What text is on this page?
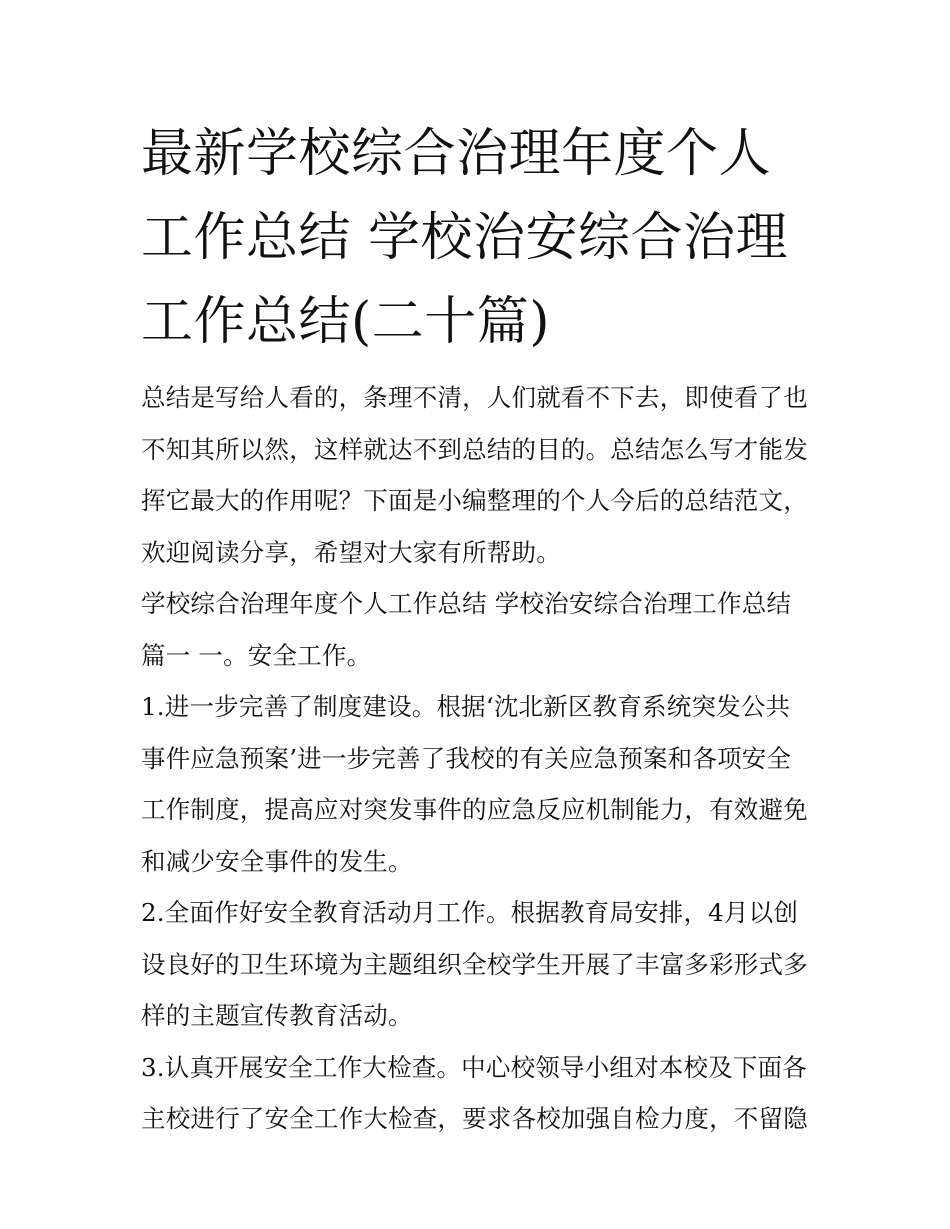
最新学校综合治理年度个人工作总结 学校治安综合治理工作总结(二十篇)

总结是写给人看的，条理不清，人们就看不下去，即使看了也不知其所以然，这样就达不到总结的目的。总结怎么写才能发挥它最大的作用呢？下面是小编整理的个人今后的总结范文，欢迎阅读分享，希望对大家有所帮助。

学校综合治理年度个人工作总结 学校治安综合治理工作总结篇一 一。安全工作。

1.进一步完善了制度建设。根据‘沈北新区教育系统突发公共事件应急预案’进一步完善了我校的有关应急预案和各项安全工作制度，提高应对突发事件的应急反应机制能力，有效避免和减少安全事件的发生。

2.全面作好安全教育活动月工作。根据教育局安排，4月以创设良好的卫生环境为主题组织全校学生开展了丰富多彩形式多样的主题宣传教育活动。

3.认真开展安全工作大检查。中心校领导小组对本校及下面各主校进行了安全工作大检查，要求各校加强自检力度，不留隐
